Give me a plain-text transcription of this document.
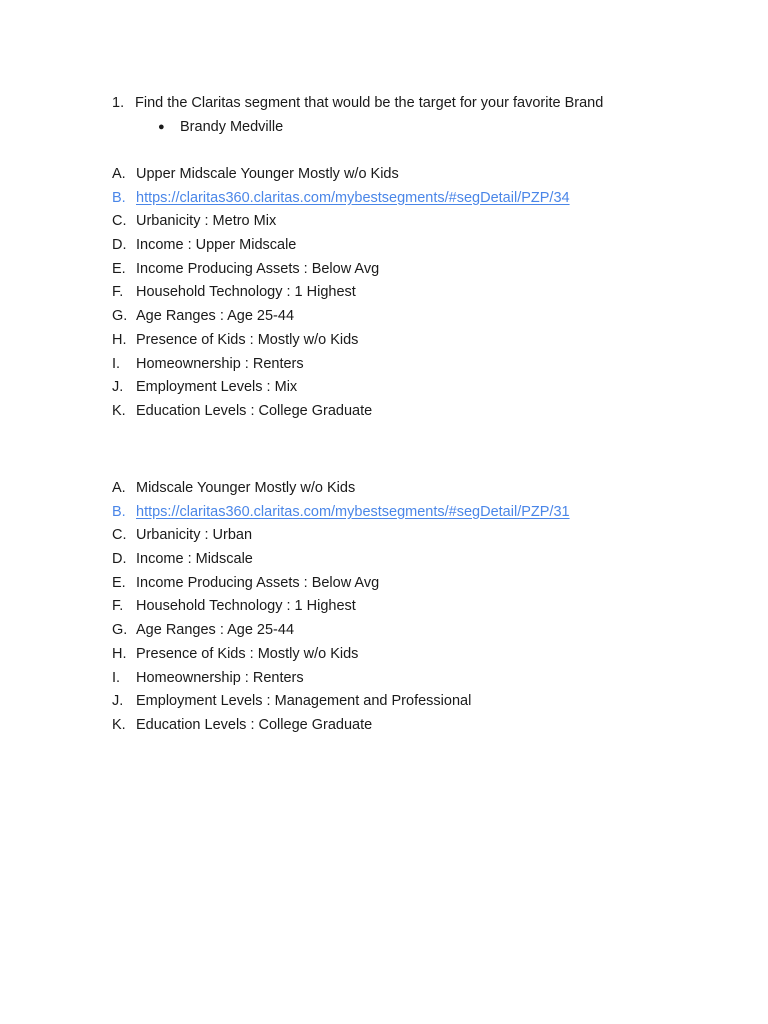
1. Find the Claritas segment that would be the target for your favorite Brand
● Brandy Medville
A. Upper Midscale Younger Mostly w/o Kids
B. https://claritas360.claritas.com/mybestsegments/#segDetail/PZP/34
C. Urbanicity : Metro Mix
D. Income : Upper Midscale
E. Income Producing Assets : Below Avg
F. Household Technology : 1 Highest
G. Age Ranges : Age 25-44
H. Presence of Kids : Mostly w/o Kids
I. Homeownership : Renters
J. Employment Levels : Mix
K. Education Levels : College Graduate
A. Midscale Younger Mostly w/o Kids
B. https://claritas360.claritas.com/mybestsegments/#segDetail/PZP/31
C. Urbanicity : Urban
D. Income : Midscale
E. Income Producing Assets : Below Avg
F. Household Technology : 1 Highest
G. Age Ranges : Age 25-44
H. Presence of Kids : Mostly w/o Kids
I. Homeownership : Renters
J. Employment Levels : Management and Professional
K. Education Levels : College Graduate
